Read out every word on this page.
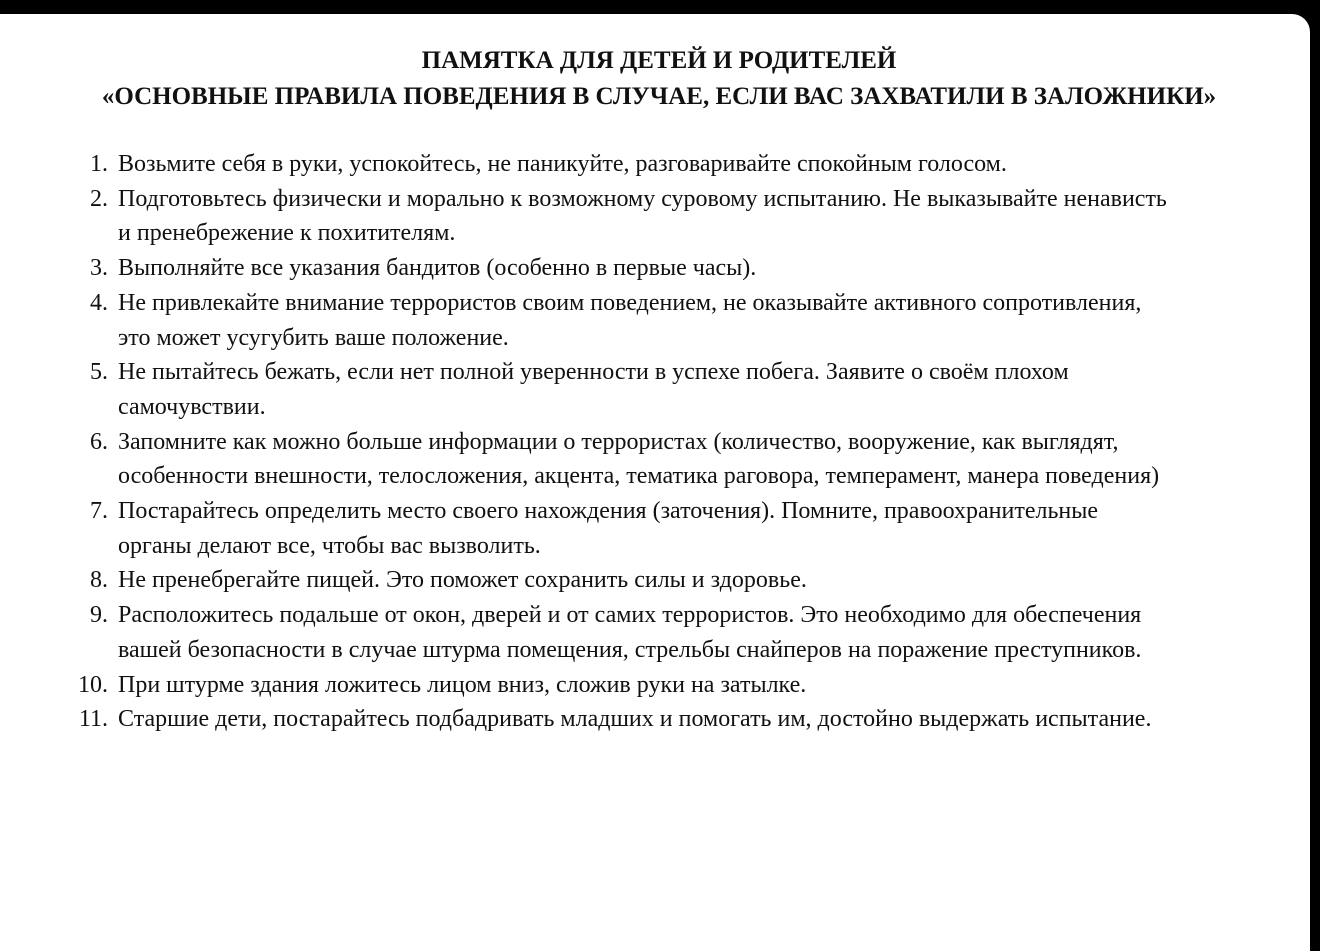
ПАМЯТКА ДЛЯ ДЕТЕЙ И РОДИТЕЛЕЙ
«ОСНОВНЫЕ ПРАВИЛА ПОВЕДЕНИЯ В СЛУЧАЕ, ЕСЛИ ВАС ЗАХВАТИЛИ В ЗАЛОЖНИКИ»
1. Возьмите себя в руки, успокойтесь, не паникуйте, разговаривайте спокойным голосом.
2. Подготовьтесь физически и морально к возможному суровому испытанию. Не выказывайте ненависть
и пренебрежение к похитителям.
3. Выполняйте все указания бандитов (особенно в первые часы).
4. Не привлекайте внимание террористов своим поведением, не оказывайте активного сопротивления,
это может усугубить ваше положение.
5. Не пытайтесь бежать, если нет полной уверенности в успехе побега. Заявите о своём плохом
самочувствии.
6. Запомните как можно больше информации о террористах (количество, вооружение, как выглядят,
особенности внешности, телосложения, акцента, тематика раговора, темперамент, манера поведения)
7. Постарайтесь определить место своего нахождения (заточения). Помните, правоохранительные
органы делают все, чтобы вас вызволить.
8. Не пренебрегайте пищей. Это поможет сохранить силы и здоровье.
9. Расположитесь подальше от окон, дверей и от самих террористов. Это необходимо для обеспечения
вашей безопасности в случае штурма помещения, стрельбы снайперов на поражение преступников.
10. При штурме здания ложитесь лицом вниз, сложив руки на затылке.
11. Старшие дети, постарайтесь подбадривать младших и помогать им, достойно выдержать испытание.
